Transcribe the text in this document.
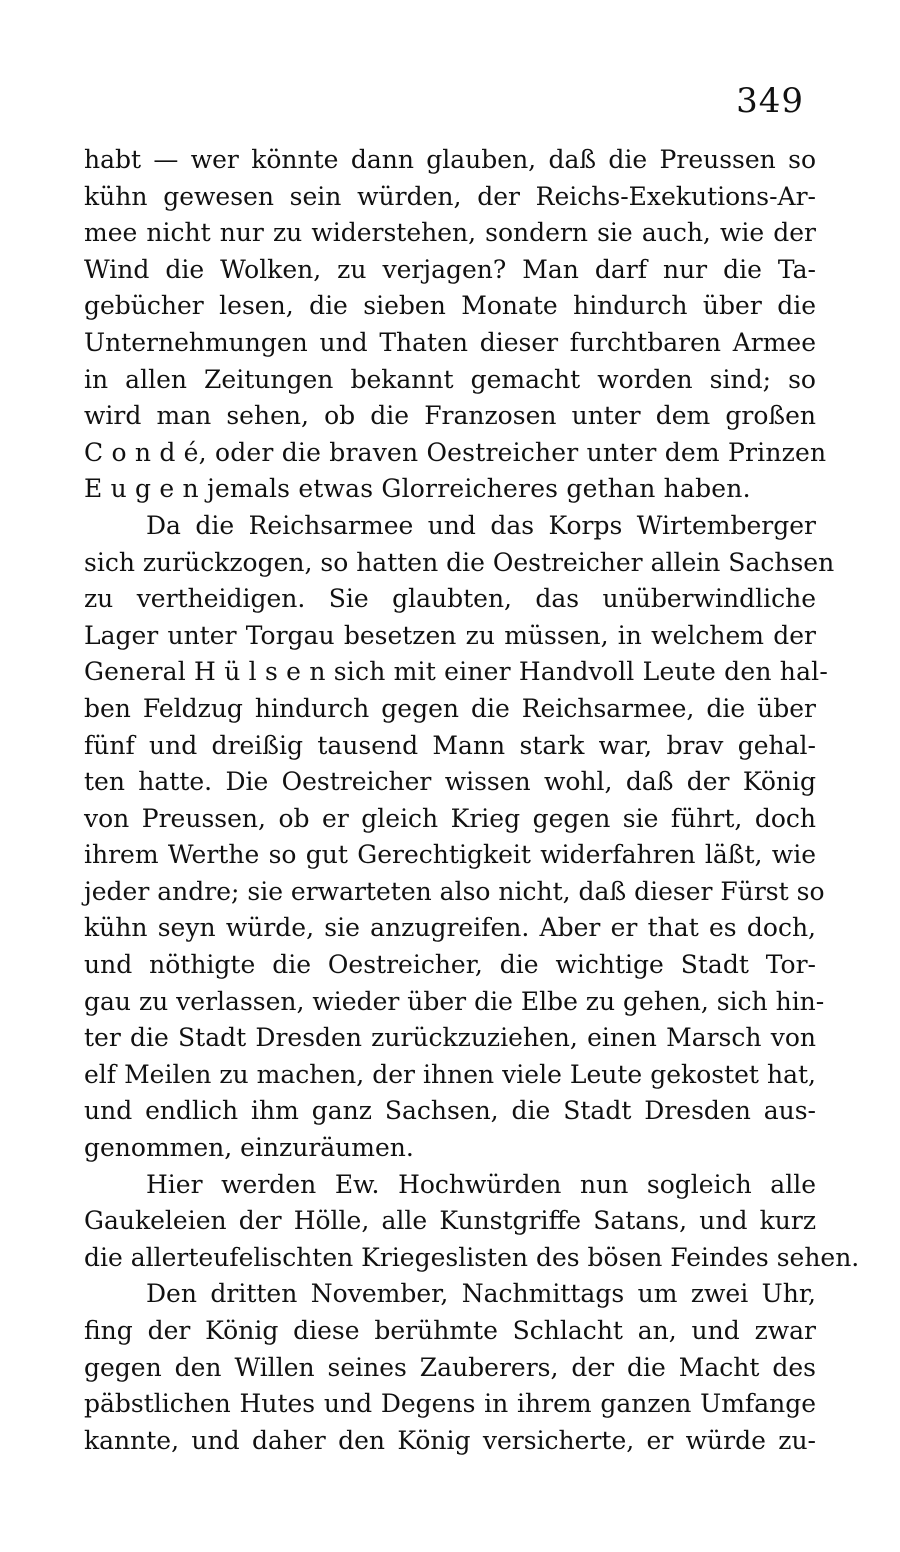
349
habt — wer könnte dann glauben, daß die Preussen so
kühn gewesen sein würden, der Reichs-Exekutions-Ar-
mee nicht nur zu widerstehen, sondern sie auch, wie der
Wind die Wolken, zu verjagen? Man darf nur die Ta-
gebücher lesen, die sieben Monate hindurch über die
Unternehmungen und Thaten dieser furchtbaren Armee
in allen Zeitungen bekannt gemacht worden sind; so
wird man sehen, ob die Franzosen unter dem großen
C o n d é, oder die braven Oestreicher unter dem Prinzen
E u g e n jemals etwas Glorreicheres gethan haben.
Da die Reichsarmee und das Korps Wirtemberger
sich zurückzogen, so hatten die Oestreicher allein Sachsen
zu vertheidigen. Sie glaubten, das unüberwindliche
Lager unter Torgau besetzen zu müssen, in welchem der
General H ü l s e n sich mit einer Handvoll Leute den hal-
ben Feldzug hindurch gegen die Reichsarmee, die über
fünf und dreißig tausend Mann stark war, brav gehal-
ten hatte. Die Oestreicher wissen wohl, daß der König
von Preussen, ob er gleich Krieg gegen sie führt, doch
ihrem Werthe so gut Gerechtigkeit widerfahren läßt, wie
jeder andre; sie erwarteten also nicht, daß dieser Fürst so
kühn seyn würde, sie anzugreifen. Aber er that es doch,
und nöthigte die Oestreicher, die wichtige Stadt Tor-
gau zu verlassen, wieder über die Elbe zu gehen, sich hin-
ter die Stadt Dresden zurückzuziehen, einen Marsch von
elf Meilen zu machen, der ihnen viele Leute gekostet hat,
und endlich ihm ganz Sachsen, die Stadt Dresden aus-
genommen, einzuräumen.
Hier werden Ew. Hochwürden nun sogleich alle
Gaukeleien der Hölle, alle Kunstgriffe Satans, und kurz
die allerteufelischten Kriegeslisten des bösen Feindes sehen.
Den dritten November, Nachmittags um zwei Uhr,
fing der König diese berühmte Schlacht an, und zwar
gegen den Willen seines Zauberers, der die Macht des
päbstlichen Hutes und Degens in ihrem ganzen Umfange
kannte, und daher den König versicherte, er würde zu-
